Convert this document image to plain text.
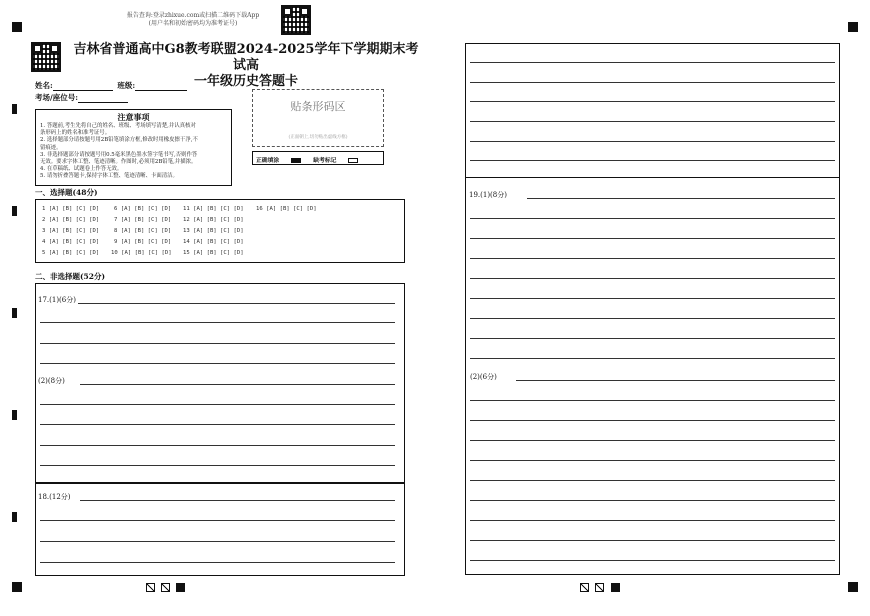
报告查询:登录zhixue.com或扫描二维码下载App
(用户名和初始密码均为准考证号)
吉林省普通高中G8教考联盟2024-2025学年下学期期末考试高
一年级历史答题卡
姓名:	班级:
考场/座位号:
注意事项
1. 答题前,考生先将自己的姓名、班级、考场填写清楚,并认真核对
条形码上的姓名和准考证号。
2. 选择题部分请按题号用2B铅笔填涂方框,修改时用橡皮擦干净,不
留痕迹。
3. 非选择题部分请按题号用0.5毫米黑色墨水签字笔书写,否则作答
无效。要求字体工整、笔迹清晰。作图时,必须用2B铅笔,并描浓。
4. 在草稿纸、试题卷上作答无效。
5. 请勿折叠答题卡,保持字体工整、笔迹清晰、卡面清洁。
贴条形码区
(正面朝上,切勿贴出虚线方框)
正确填涂	缺考标记
一、选择题(48分)
1 [A] [B] [C] [D]
2 [A] [B] [C] [D]
3 [A] [B] [C] [D]
4 [A] [B] [C] [D]
5 [A] [B] [C] [D]
6 [A] [B] [C] [D]
7 [A] [B] [C] [D]
8 [A] [B] [C] [D]
9 [A] [B] [C] [D]
10 [A] [B] [C] [D]
11 [A] [B] [C] [D]
12 [A] [B] [C] [D]
13 [A] [B] [C] [D]
14 [A] [B] [C] [D]
15 [A] [B] [C] [D]
16 [A] [B] [C] [D]
二、非选择题(52分)
17.(1)(6分)
(2)(8分)
18.(12分)
19.(1)(8分)
(2)(6分)
